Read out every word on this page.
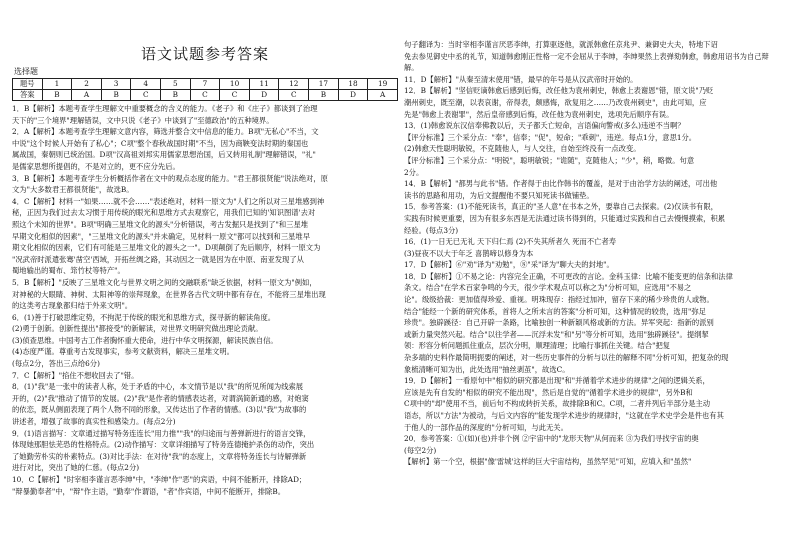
语文试题参考答案
选择题
题号	1	2	3	4	5	7	10	11	12	17	18	19
答案	B	A	B	C	B	C	C	D	C	B	D	A

1．B【解析】本题考查学生理解文中重要概念的含义的能力。《老子》和《庄子》都谈到了治理

天下的"三个境界"理解错误，文中只说《老子》中谈到了"至德政治"的五种境界。

2．A【解析】本题考查学生理解文意内容，筛选并整合文中信息的能力。B项"无私心"不当，文

中说"这个时候人开始有了私心"；C项"整个春秋战国时期"不当，因为商鞅变法时期的秦国也

属战国，秦朝则已统治国。D项"汉高祖刘邦实用儒家思想治国，后又转用礼制"理解错误，"礼"

是儒家思想所提倡的，不是对立的，更不应分先后。

3．B【解析】本题考查学生分析概括作者在文中的观点态度的能力。"君王都很贤能"说法绝对，原

文为"大多数君王都很贤能"，故选B。

4．C【解析】材料一"如果……就不会……"表述绝对，材料一原文为"人们之所以对三星堆感到神

秘，正因为我们过去太习惯于用传统的眼光和思维方式去观察它，用我们已知的'知识图谱'去对

照这个未知的世界"。B项"明确三星堆文化的源头"分析错误，考古发掘只是找到了"和三星堆

早期文化相似的因素"，"三星堆文化的源头"并未确定，见材料一原文"都可以找到和三星堆早

期文化相似的因素，它们有可能是三星堆文化的源头之一"。D项颠倒了先后顺序，材料一原文为

"况武帝时派遣张骞'凿空'西域，开拓丝绸之路，其动因之一就是因为在中原、南亚发现了从

蜀地输出的蜀布、筇竹杖等特产"。

5．B【解析】"反映了三星堆文化与世界文明之间的交融联系"缺乏依据，材料一原文为"例如，

对神秘的大眼睛、神树、太阳神等的崇拜现象，在世界各古代文明中都有存在，不能将三星堆出现

的这类考古现象都归结于外来文明"。

6．(1)善于打破思维定势，不拘泥于传统的眼光和思维方式，探寻新的解读角度。

(2)勇于创新。创新性提出"都接受"的新解读，对世界文明研究做出理论贡献。

(3)侦查思维。中国考古工作者胸怀重大使命，进行中华文明探源，解读民族自信。

(4)态度严谨。尊重考古发现事实，参考文献资料，解决三星堆文明。

(每点2分，答出三点给6分)

7．C【解析】"掐住不想收回去了"错。

8．(1)"我"是一张中的读者人称，处于矛盾的中心，本文情节是以"我"的所见所闻为线索展

开的，(2)"我"推动了情节的发展。(2)"我"是作者的情感表达者，对谓涡简新通的感，对炮窦

的依恋，既从侧面表现了两个人物不同的形象，又传达出了作者的情感。(3)以"我"为故事的

讲述者，增强了故事的真实性和感染力。(每点2分)

9．(1)语言描写：文章通过描写特务连连长"用力推""我"的归途而与善弹新进行的语言交锋，

体现她那胆怯芜恐的性格特点。(2)动作描写：文章详细描写了特务连德掩护杀伤的动作，突出

了她勤劳朴实的朴素特点。(3)对比手法：在对待"我"的态度上，文章将特务连长与诗解弹新

进行对比，突出了她的仁慈。(每点2分)

10．C【解析】"时宰相李谨言恶李绅"中，"李绅"作"恶"的宾语，中间不能断开，排除AD；

"辩暴勤奉者"中，"辩"作主语，"勤奉"作谓语，"者"作宾语，中间不能断开，排除B。

句子翻译为：当时宰相李谨言厌恶李绅，打算驱逐他，就派韩愈任京兆尹、兼御史大夫，特地下诏

免去参见御史中丞的礼节，知道韩愈刚正性格一定不会屈从于李绅，李绅果然上表弹劾韩愈，韩愈用诏书为自己辩

解。

11．D【解析】"从秦至清末使用"错，最早的年号是从汉武帝时开始的。

12．B【解析】"坚信贬谪韩愈后感到后悔，改任他为袁州刺史，韩愈上表谢恩"错，原文说"乃贬

潮州刺史，既至潮，以表哀谢，帝得表，颇感悔，欲复用之……乃改袁州刺史"，由此可知，应

先是"韩愈上表谢罪"，然后皇帝感到后悔，改任他为袁州刺史，选项先后顺序有误。

13．(1)韩愈说东汉信奉佛教以后，天子都夭亡短命，言语偏向警戒(多么)违逆不当啊？

【评分标准】三个采分点："奉"，信奉；"促"，短命；"乖刺"，违逆。每点1分，意思1分。

(2)韩愈天性聪明敏锐，不克随他人，与人交往，自始至终没有一点改变。

【评分标准】三个采分点："明锐"，聪明敏锐；"诡随"，克随他人；"少"，稍，略微。句意

2分。

14．B【解析】"都男与此书"错。作者得于由比作韩书的覆盖，是对于由治学方法的阐述，可出他

读书的思路和用功，为后文提醒他不要只知死读书做铺垫。

15．参考答案：(1)不能死读书，真正的"圣人意"在书本之外，要靠自己去探索。(2)仅读书有限，

实践有时候更重要，因为有很多东西是无法通过读书得到的，只能通过实践和自己去慢慢摸索，积累

经验。(每点3分)

16．(1)一日无已无礼 天下归仁焉 (2)不失其所者久 死而不亡者寿

(3)昼夜不以大于年乏 喜鹊啼以修身为本

17．D【解析】⑥"劝"译为"劝勉"，⑧"采"译为"聊大夫的封地"。

18．D【解析】①不易之论：内容完全正确，不可更改的言论。金科玉律：比喻不能变更的信条和法律

条文。结合"在学术百家争鸣的今天，很少学术观点可以称之为"分析可知，应选用"不易之

论"。级级拾裁：更加值得珍爱、重视。明珠现存：指经过加冲，留存下来的稀少珍贵的人或物。

结合"能经一个新的研究体系，首将人之所未言的答案"分析可知，这种情况的较贵，选用"弥足

珍贵"。独辟蹊径：自己开辟一条路，比喻独创一种新颖风格或新的方法。异军突起：指新的派别

或新力量突然兴起。结合"以往学者——沉浮未发"和"另"等分析可知，选用"独辟蹊径"。提纲挈

领：形容分析问题抓住重点，层次分明，顺理清理；比喻行事抓住关键。结合"把复

杂多端的史料作最简明扼要的阐述，对一些历史事件的分析与以往的解释不同"分析可知，把复杂的现

象梳清晰可知为出，此处选用"抽丝剥茧"，故选C。

19．D【解析】一看原句中"相似的研究都是出现"和"并循着学术进步的规律"之间的逻辑关系，

应该是先有自发的"相似的研究不能出现"，然后是自觉的"循着学术进步的规律"，另外B和

C项中的"却"使用不当，前后句不构成转折关系，故排除B和C。C项，二者并列后半部分是主动

语态，所以"方法"为被动，与后文内容的"能发现学术进步的规律时，"这就在学术史学会是件也有其

于他人的一部作品的深度的"分析可知，与此无关。

20．参考答案：①(如)(也)并非个例 ②宇宙中的"龙形天物"从何而来 ③为我们寻找宇宙的奥

(每空2分)

【解析】第一个空，根据"像'雷城'这样的巨大宇宙结构，虽然罕见"可知，应填入和"虽然"
